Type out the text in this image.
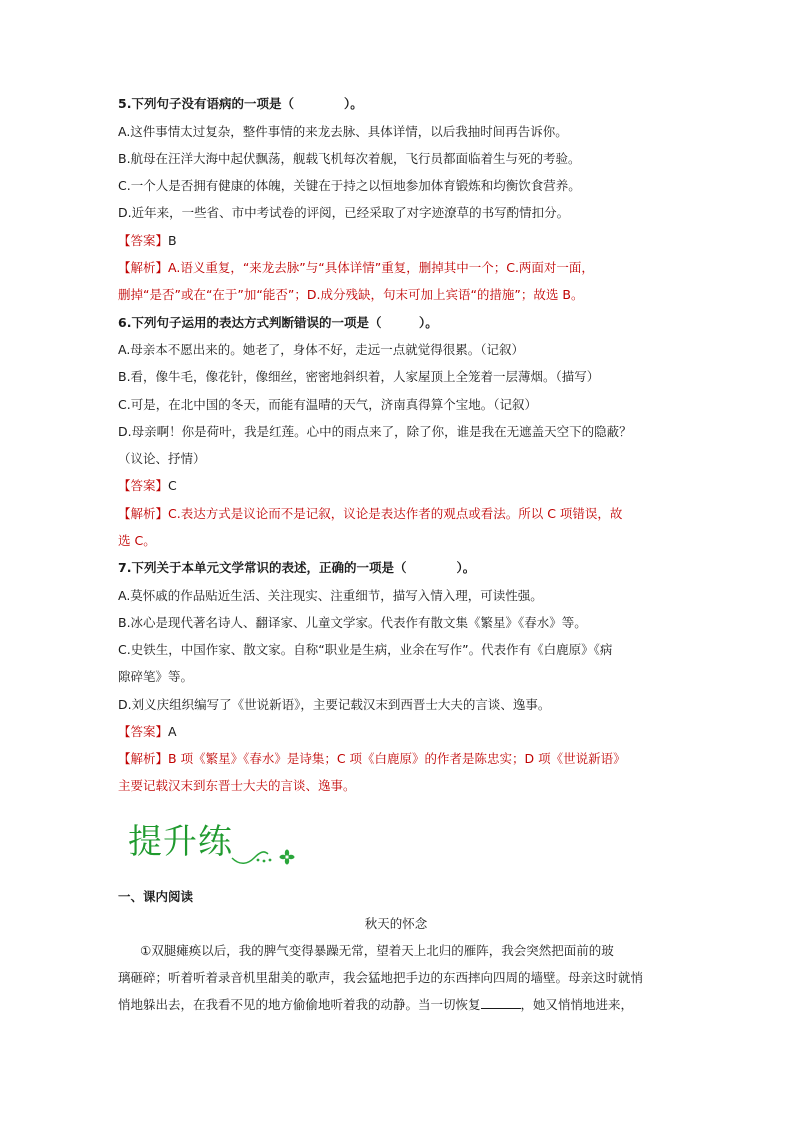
5.下列句子没有语病的一项是（　　　　）。
A.这件事情太过复杂，整件事情的来龙去脉、具体详情，以后我抽时间再告诉你。
B.航母在汪洋大海中起伏飘荡，舰载飞机每次着舰，飞行员都面临着生与死的考验。
C.一个人是否拥有健康的体魄，关键在于持之以恒地参加体育锻炼和均衡饮食营养。
D.近年来，一些省、市中考试卷的评阅，已经采取了对字迹潦草的书写酌情扣分。
【答案】B
【解析】A.语义重复，“来龙去脉”与“具体详情”重复，删掉其中一个；C.两面对一面，
删掉“是否”或在“在于”加“能否”；D.成分残缺，句末可加上宾语“的措施”；故选 B。
6.下列句子运用的表达方式判断错误的一项是（　　　）。
A.母亲本不愿出来的。她老了，身体不好，走远一点就觉得很累。（记叙）
B.看，像牛毛，像花针，像细丝，密密地斜织着，人家屋顶上全笼着一层薄烟。（描写）
C.可是，在北中国的冬天，而能有温晴的天气，济南真得算个宝地。（记叙）
D.母亲啊！你是荷叶，我是红莲。心中的雨点来了，除了你，谁是我在无遮盖天空下的隐蔽？
（议论、抒情）
【答案】C
【解析】C.表达方式是议论而不是记叙，议论是表达作者的观点或看法。所以 C 项错误，故
选 C。
7.下列关于本单元文学常识的表述，正确的一项是（　　　　）。
A.莫怀戚的作品贴近生活、关注现实、注重细节，描写入情入理，可读性强。
B.冰心是现代著名诗人、翻译家、儿童文学家。代表作有散文集《繁星》《春水》等。
C.史铁生，中国作家、散文家。自称“职业是生病，业余在写作”。代表作有《白鹿原》《病
隙碎笔》等。
D.刘义庆组织编写了《世说新语》，主要记载汉末到西晋士大夫的言谈、逸事。
【答案】A
【解析】B 项《繁星》《春水》是诗集；C 项《白鹿原》的作者是陈忠实；D 项《世说新语》
主要记载汉末到东晋士大夫的言谈、逸事。
一、课内阅读
秋天的怀念
①双腿瘫痪以后，我的脾气变得暴躁无常，望着天上北归的雁阵，我会突然把面前的玻
璃砸碎；听着听着录音机里甜美的歌声，我会猛地把手边的东西摔向四周的墙壁。母亲这时就悄
悄地躲出去，在我看不见的地方偷偷地听着我的动静。当一切恢复	，她又悄悄地进来，
提升练
